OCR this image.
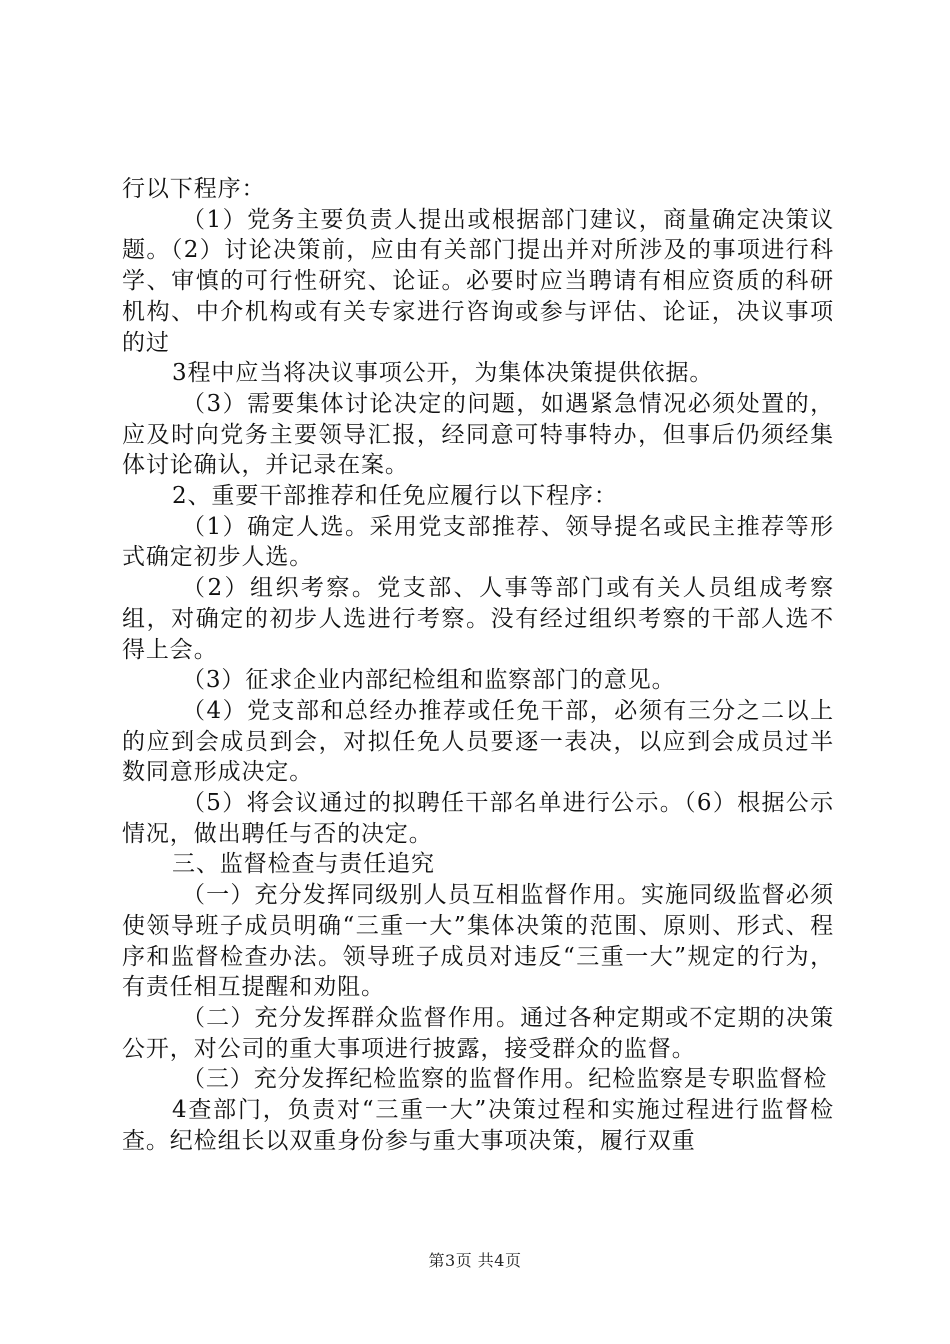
行以下程序：

（1）党务主要负责人提出或根据部门建议，商量确定决策议题。（2）讨论决策前，应由有关部门提出并对所涉及的事项进行科学、审慎的可行性研究、论证。必要时应当聘请有相应资质的科研机构、中介机构或有关专家进行咨询或参与评估、论证，决议事项的过

3程中应当将决议事项公开，为集体决策提供依据。

（3）需要集体讨论决定的问题，如遇紧急情况必须处置的，应及时向党务主要领导汇报，经同意可特事特办，但事后仍须经集体讨论确认，并记录在案。

2、重要干部推荐和任免应履行以下程序：

（1）确定人选。采用党支部推荐、领导提名或民主推荐等形式确定初步人选。

（2）组织考察。党支部、人事等部门或有关人员组成考察组，对确定的初步人选进行考察。没有经过组织考察的干部人选不得上会。

（3）征求企业内部纪检组和监察部门的意见。

（4）党支部和总经办推荐或任免干部，必须有三分之二以上的应到会成员到会，对拟任免人员要逐一表决，以应到会成员过半数同意形成决定。

（5）将会议通过的拟聘任干部名单进行公示。（6）根据公示情况，做出聘任与否的决定。

三、监督检查与责任追究

（一）充分发挥同级别人员互相监督作用。实施同级监督必须使领导班子成员明确“三重一大”集体决策的范围、原则、形式、程序和监督检查办法。领导班子成员对违反“三重一大”规定的行为，有责任相互提醒和劝阻。

（二）充分发挥群众监督作用。通过各种定期或不定期的决策公开，对公司的重大事项进行披露，接受群众的监督。

（三）充分发挥纪检监察的监督作用。纪检监察是专职监督检

4查部门，负责对“三重一大”决策过程和实施过程进行监督检查。纪检组长以双重身份参与重大事项决策，履行双重

第3页 共4页
